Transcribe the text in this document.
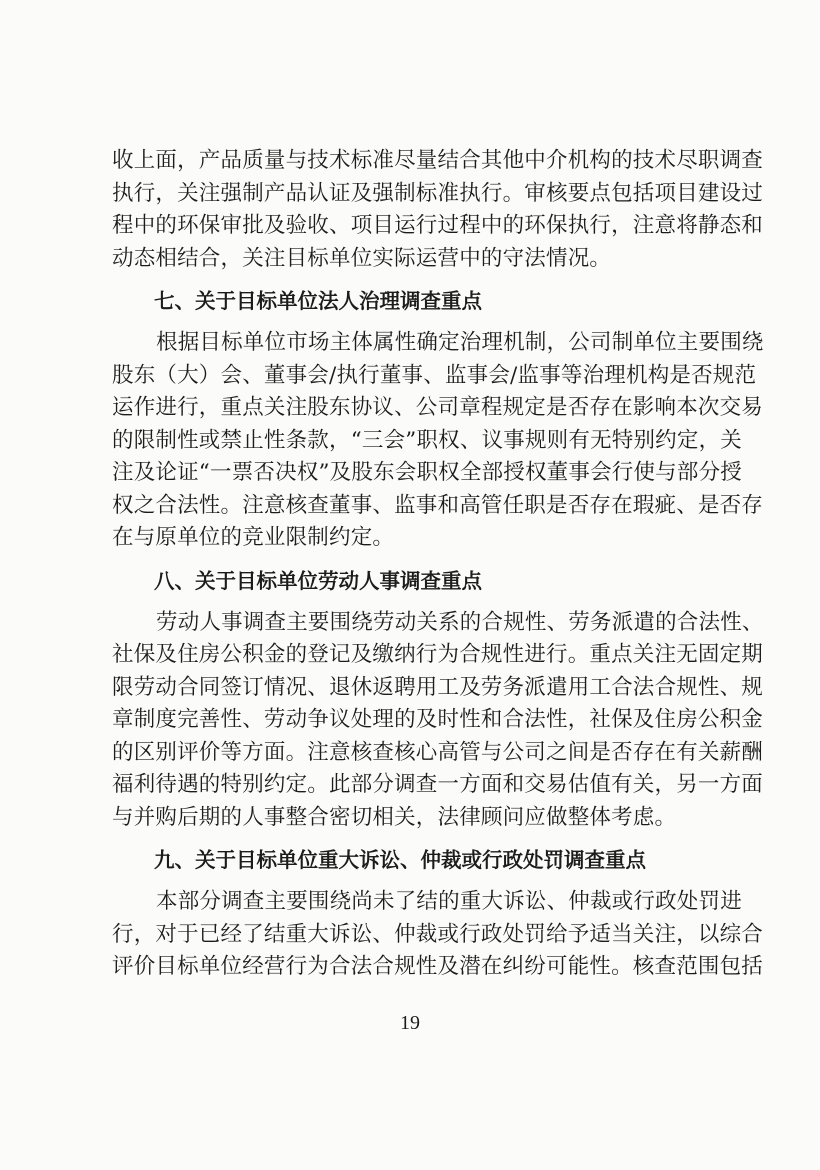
收上面，产品质量与技术标准尽量结合其他中介机构的技术尽职调查
执行，关注强制产品认证及强制标准执行。审核要点包括项目建设过
程中的环保审批及验收、项目运行过程中的环保执行，注意将静态和
动态相结合，关注目标单位实际运营中的守法情况。
七、关于目标单位法人治理调查重点
根据目标单位市场主体属性确定治理机制，公司制单位主要围绕
股东（大）会、董事会/执行董事、监事会/监事等治理机构是否规范
运作进行，重点关注股东协议、公司章程规定是否存在影响本次交易
的限制性或禁止性条款，“三会”职权、议事规则有无特别约定，关
注及论证“一票否决权”及股东会职权全部授权董事会行使与部分授
权之合法性。注意核查董事、监事和高管任职是否存在瑕疵、是否存
在与原单位的竞业限制约定。
八、关于目标单位劳动人事调查重点
劳动人事调查主要围绕劳动关系的合规性、劳务派遣的合法性、
社保及住房公积金的登记及缴纳行为合规性进行。重点关注无固定期
限劳动合同签订情况、退休返聘用工及劳务派遣用工合法合规性、规
章制度完善性、劳动争议处理的及时性和合法性，社保及住房公积金
的区别评价等方面。注意核查核心高管与公司之间是否存在有关薪酬
福利待遇的特别约定。此部分调查一方面和交易估值有关，另一方面
与并购后期的人事整合密切相关，法律顾问应做整体考虑。
九、关于目标单位重大诉讼、仲裁或行政处罚调查重点
本部分调查主要围绕尚未了结的重大诉讼、仲裁或行政处罚进
行，对于已经了结重大诉讼、仲裁或行政处罚给予适当关注，以综合
评价目标单位经营行为合法合规性及潜在纠纷可能性。核查范围包括
19
